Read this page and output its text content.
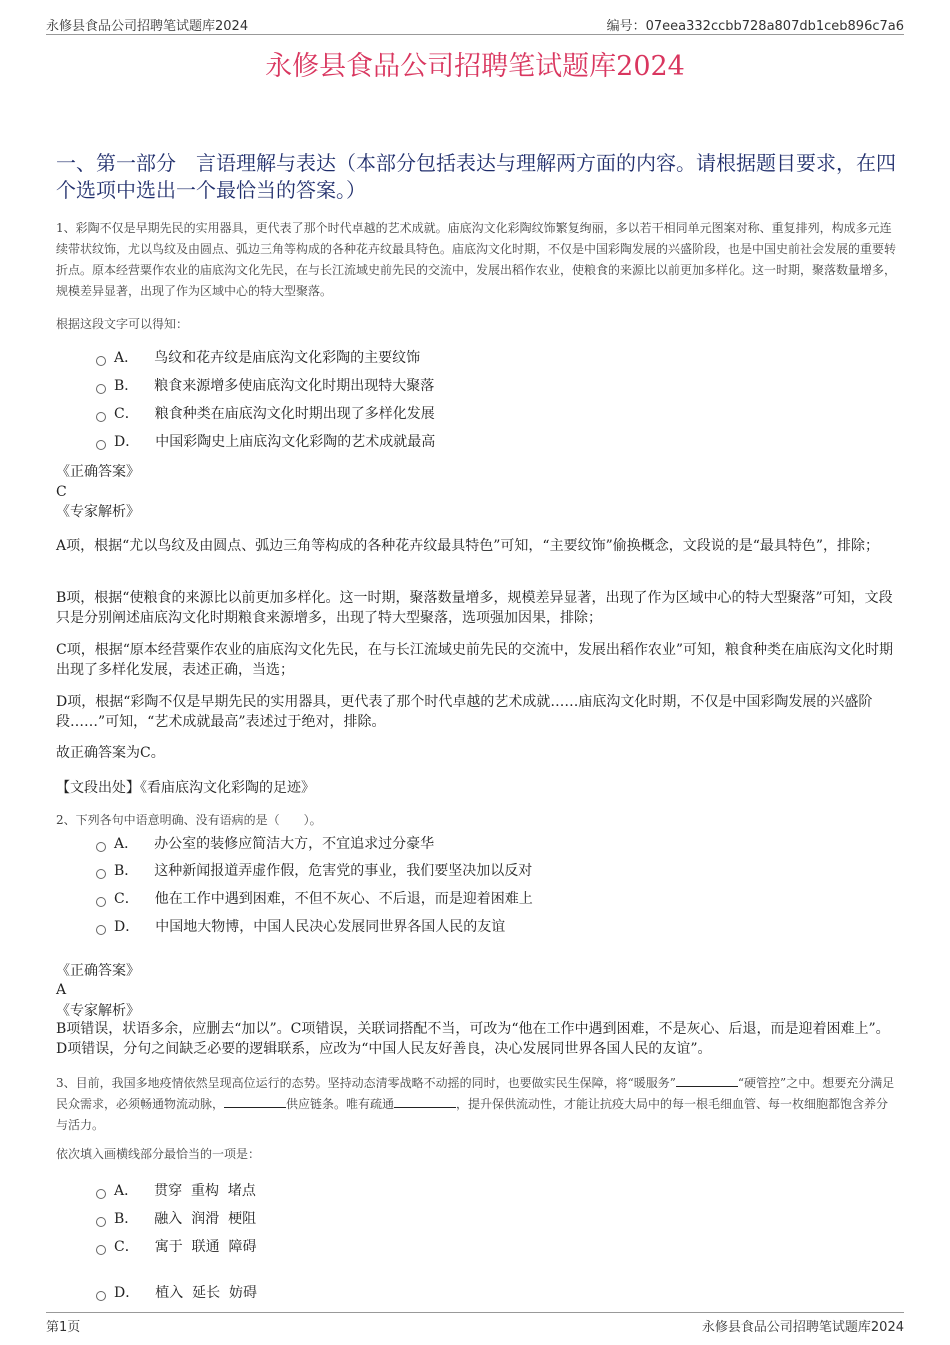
永修县食品公司招聘笔试题库2024	编号：07eea332ccbb728a807db1ceb896c7a6
永修县食品公司招聘笔试题库2024
一、第一部分　言语理解与表达（本部分包括表达与理解两方面的内容。请根据题目要求，在四个选项中选出一个最恰当的答案。）
1、彩陶不仅是早期先民的实用器具，更代表了那个时代卓越的艺术成就。庙底沟文化彩陶纹饰繁复绚丽，多以若干相同单元图案对称、重复排列，构成多元连续带状纹饰，尤以鸟纹及由圆点、弧边三角等构成的各种花卉纹最具特色。庙底沟文化时期，不仅是中国彩陶发展的兴盛阶段，也是中国史前社会发展的重要转折点。原本经营粟作农业的庙底沟文化先民，在与长江流域史前先民的交流中，发展出稻作农业，使粮食的来源比以前更加多样化。这一时期，聚落数量增多，规模差异显著，出现了作为区域中心的特大型聚落。
根据这段文字可以得知：
A． 鸟纹和花卉纹是庙底沟文化彩陶的主要纹饰
B． 粮食来源增多使庙底沟文化时期出现特大聚落
C． 粮食种类在庙底沟文化时期出现了多样化发展
D． 中国彩陶史上庙底沟文化彩陶的艺术成就最高
《正确答案》
C
《专家解析》
A项，根据“尤以鸟纹及由圆点、弧边三角等构成的各种花卉纹最具特色”可知，“主要纹饰”偷换概念，文段说的是“最具特色”，排除；
B项，根据“使粮食的来源比以前更加多样化。这一时期，聚落数量增多，规模差异显著，出现了作为区域中心的特大型聚落”可知，文段只是分别阐述庙底沟文化时期粮食来源增多，出现了特大型聚落，选项强加因果，排除；
C项，根据“原本经营粟作农业的庙底沟文化先民，在与长江流域史前先民的交流中，发展出稻作农业”可知，粮食种类在庙底沟文化时期出现了多样化发展，表述正确，当选；
D项，根据“彩陶不仅是早期先民的实用器具，更代表了那个时代卓越的艺术成就……庙底沟文化时期，不仅是中国彩陶发展的兴盛阶段……”可知，“艺术成就最高”表述过于绝对，排除。
故正确答案为C。
【文段出处】《看庙底沟文化彩陶的足迹》
2、下列各句中语意明确、没有语病的是（　　）。
A． 办公室的装修应简洁大方，不宜追求过分豪华
B． 这种新闻报道弄虚作假，危害党的事业，我们要坚决加以反对
C． 他在工作中遇到困难，不但不灰心、不后退，而是迎着困难上
D． 中国地大物博，中国人民决心发展同世界各国人民的友谊
《正确答案》
A
《专家解析》
B项错误，状语多余，应删去“加以”。C项错误，关联词搭配不当，可改为“他在工作中遇到困难，不是灰心、后退，而是迎着困难上”。D项错误，分句之间缺乏必要的逻辑联系，应改为“中国人民友好善良，决心发展同世界各国人民的友谊”。
3、目前，我国多地疫情依然呈现高位运行的态势。坚持动态清零战略不动摇的同时，也要做实民生保障，将“暖服务”	“硬管控”之中。想要充分满足民众需求，必须畅通物流动脉，	供应链条。唯有疏通	，提升保供流动性，才能让抗疫大局中的每一根毛细血管、每一枚细胞都饱含养分与活力。
依次填入画横线部分最恰当的一项是：
A． 贯穿  重构  堵点
B． 融入  润滑  梗阻
C． 寓于  联通  障碍
D． 植入  延长  妨碍
第1页	永修县食品公司招聘笔试题库2024
